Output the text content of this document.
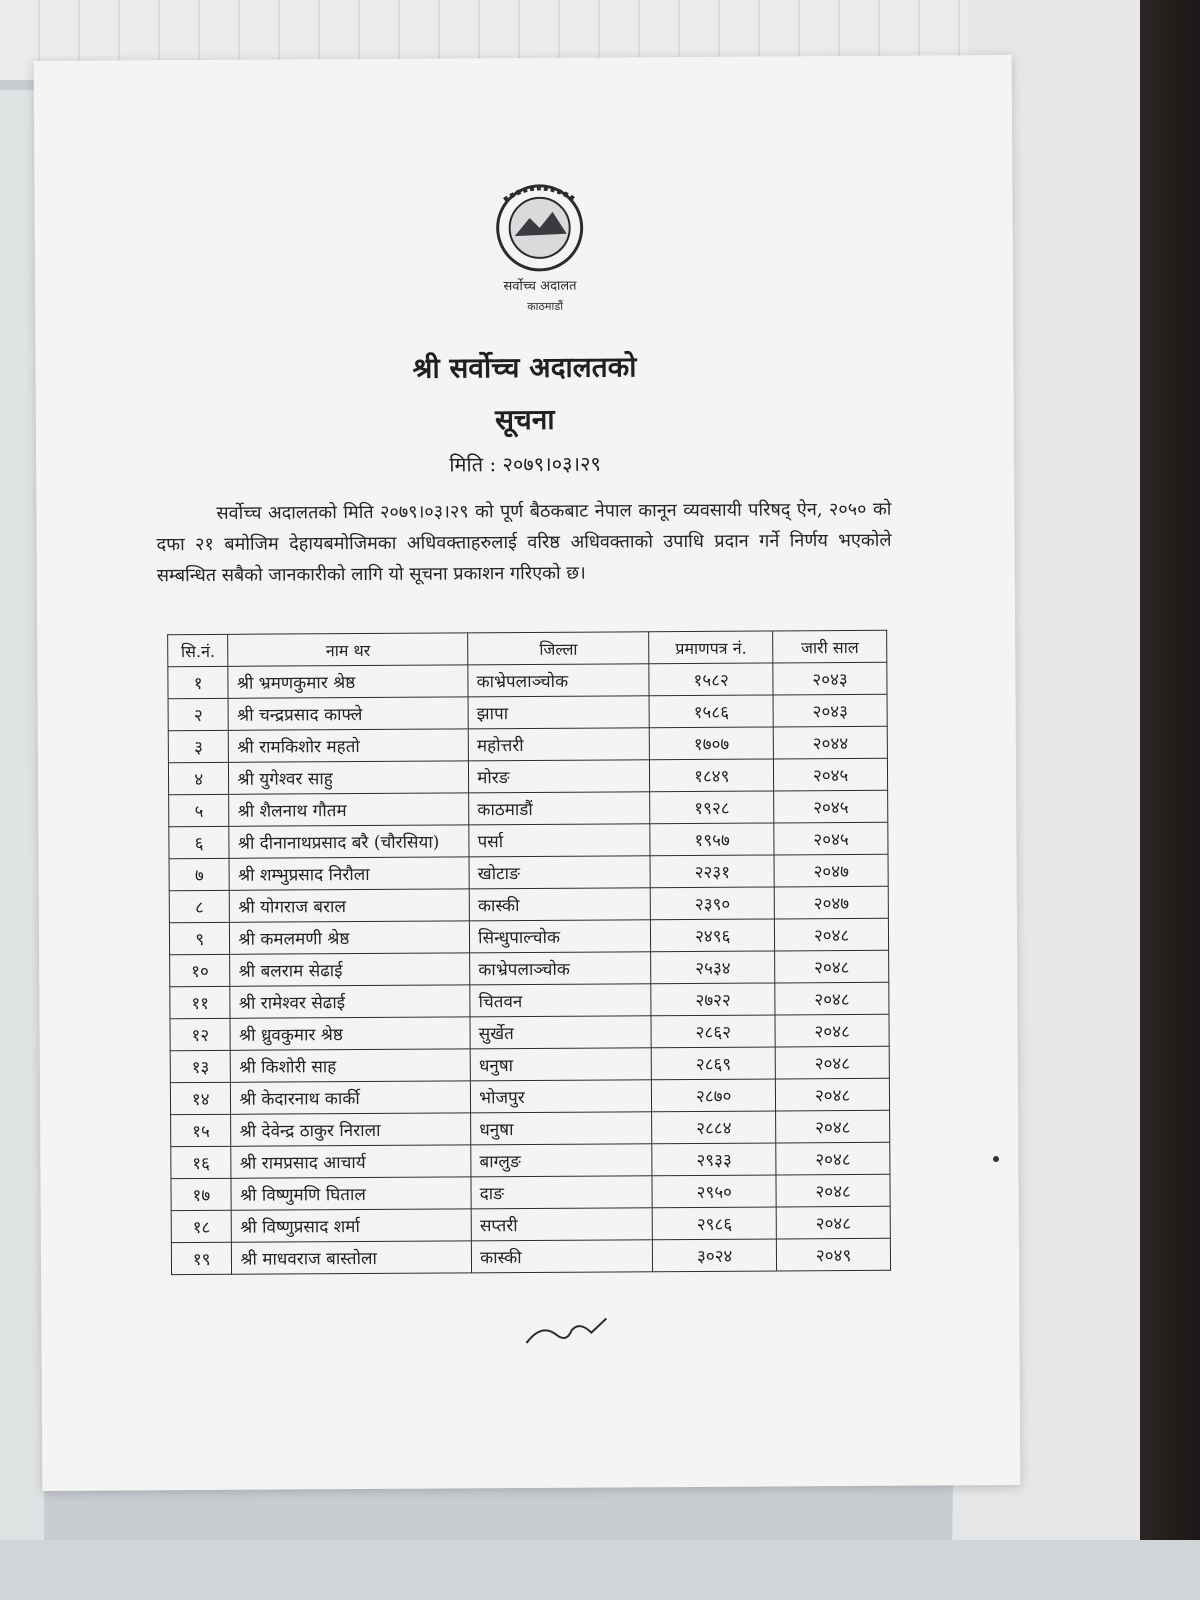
सर्वोच्च अदालत
काठमाडौं
श्री सर्वोच्च अदालतको
सूचना
मिति : २०७९।०३।२९
सर्वोच्च अदालतको मिति २०७९।०३।२९ को पूर्ण बैठकबाट नेपाल कानून व्यवसायी परिषद् ऐन, २०५० को दफा २१ बमोजिम देहायबमोजिमका अधिवक्ताहरुलाई वरिष्ठ अधिवक्ताको उपाधि प्रदान गर्ने निर्णय भएकोले सम्बन्धित सबैको जानकारीको लागि यो सूचना प्रकाशन गरिएको छ।
सि.नं.	नाम थर	जिल्ला	प्रमाणपत्र नं.	जारी साल
१	श्री भ्रमणकुमार श्रेष्ठ	काभ्रेपलाञ्चोक	१५८२	२०४३
२	श्री चन्द्रप्रसाद काफ्ले	झापा	१५८६	२०४३
३	श्री रामकिशोर महतो	महोत्तरी	१७०७	२०४४
४	श्री युगेश्वर साहु	मोरङ	१८४९	२०४५
५	श्री शैलनाथ गौतम	काठमाडौं	१९२८	२०४५
६	श्री दीनानाथप्रसाद बरै (चौरसिया)	पर्सा	१९५७	२०४५
७	श्री शम्भुप्रसाद निरौला	खोटाङ	२२३१	२०४७
८	श्री योगराज बराल	कास्की	२३९०	२०४७
९	श्री कमलमणी श्रेष्ठ	सिन्धुपाल्चोक	२४९६	२०४८
१०	श्री बलराम सेढाई	काभ्रेपलाञ्चोक	२५३४	२०४८
११	श्री रामेश्वर सेढाई	चितवन	२७२२	२०४८
१२	श्री ध्रुवकुमार श्रेष्ठ	सुर्खेत	२८६२	२०४८
१३	श्री किशोरी साह	धनुषा	२८६९	२०४८
१४	श्री केदारनाथ कार्की	भोजपुर	२८७०	२०४८
१५	श्री देवेन्द्र ठाकुर निराला	धनुषा	२८८४	२०४८
१६	श्री रामप्रसाद आचार्य	बाग्लुङ	२९३३	२०४८
१७	श्री विष्णुमणि घिताल	दाङ	२९५०	२०४८
१८	श्री विष्णुप्रसाद शर्मा	सप्तरी	२९८६	२०४८
१९	श्री माधवराज बास्तोला	कास्की	३०२४	२०४९
